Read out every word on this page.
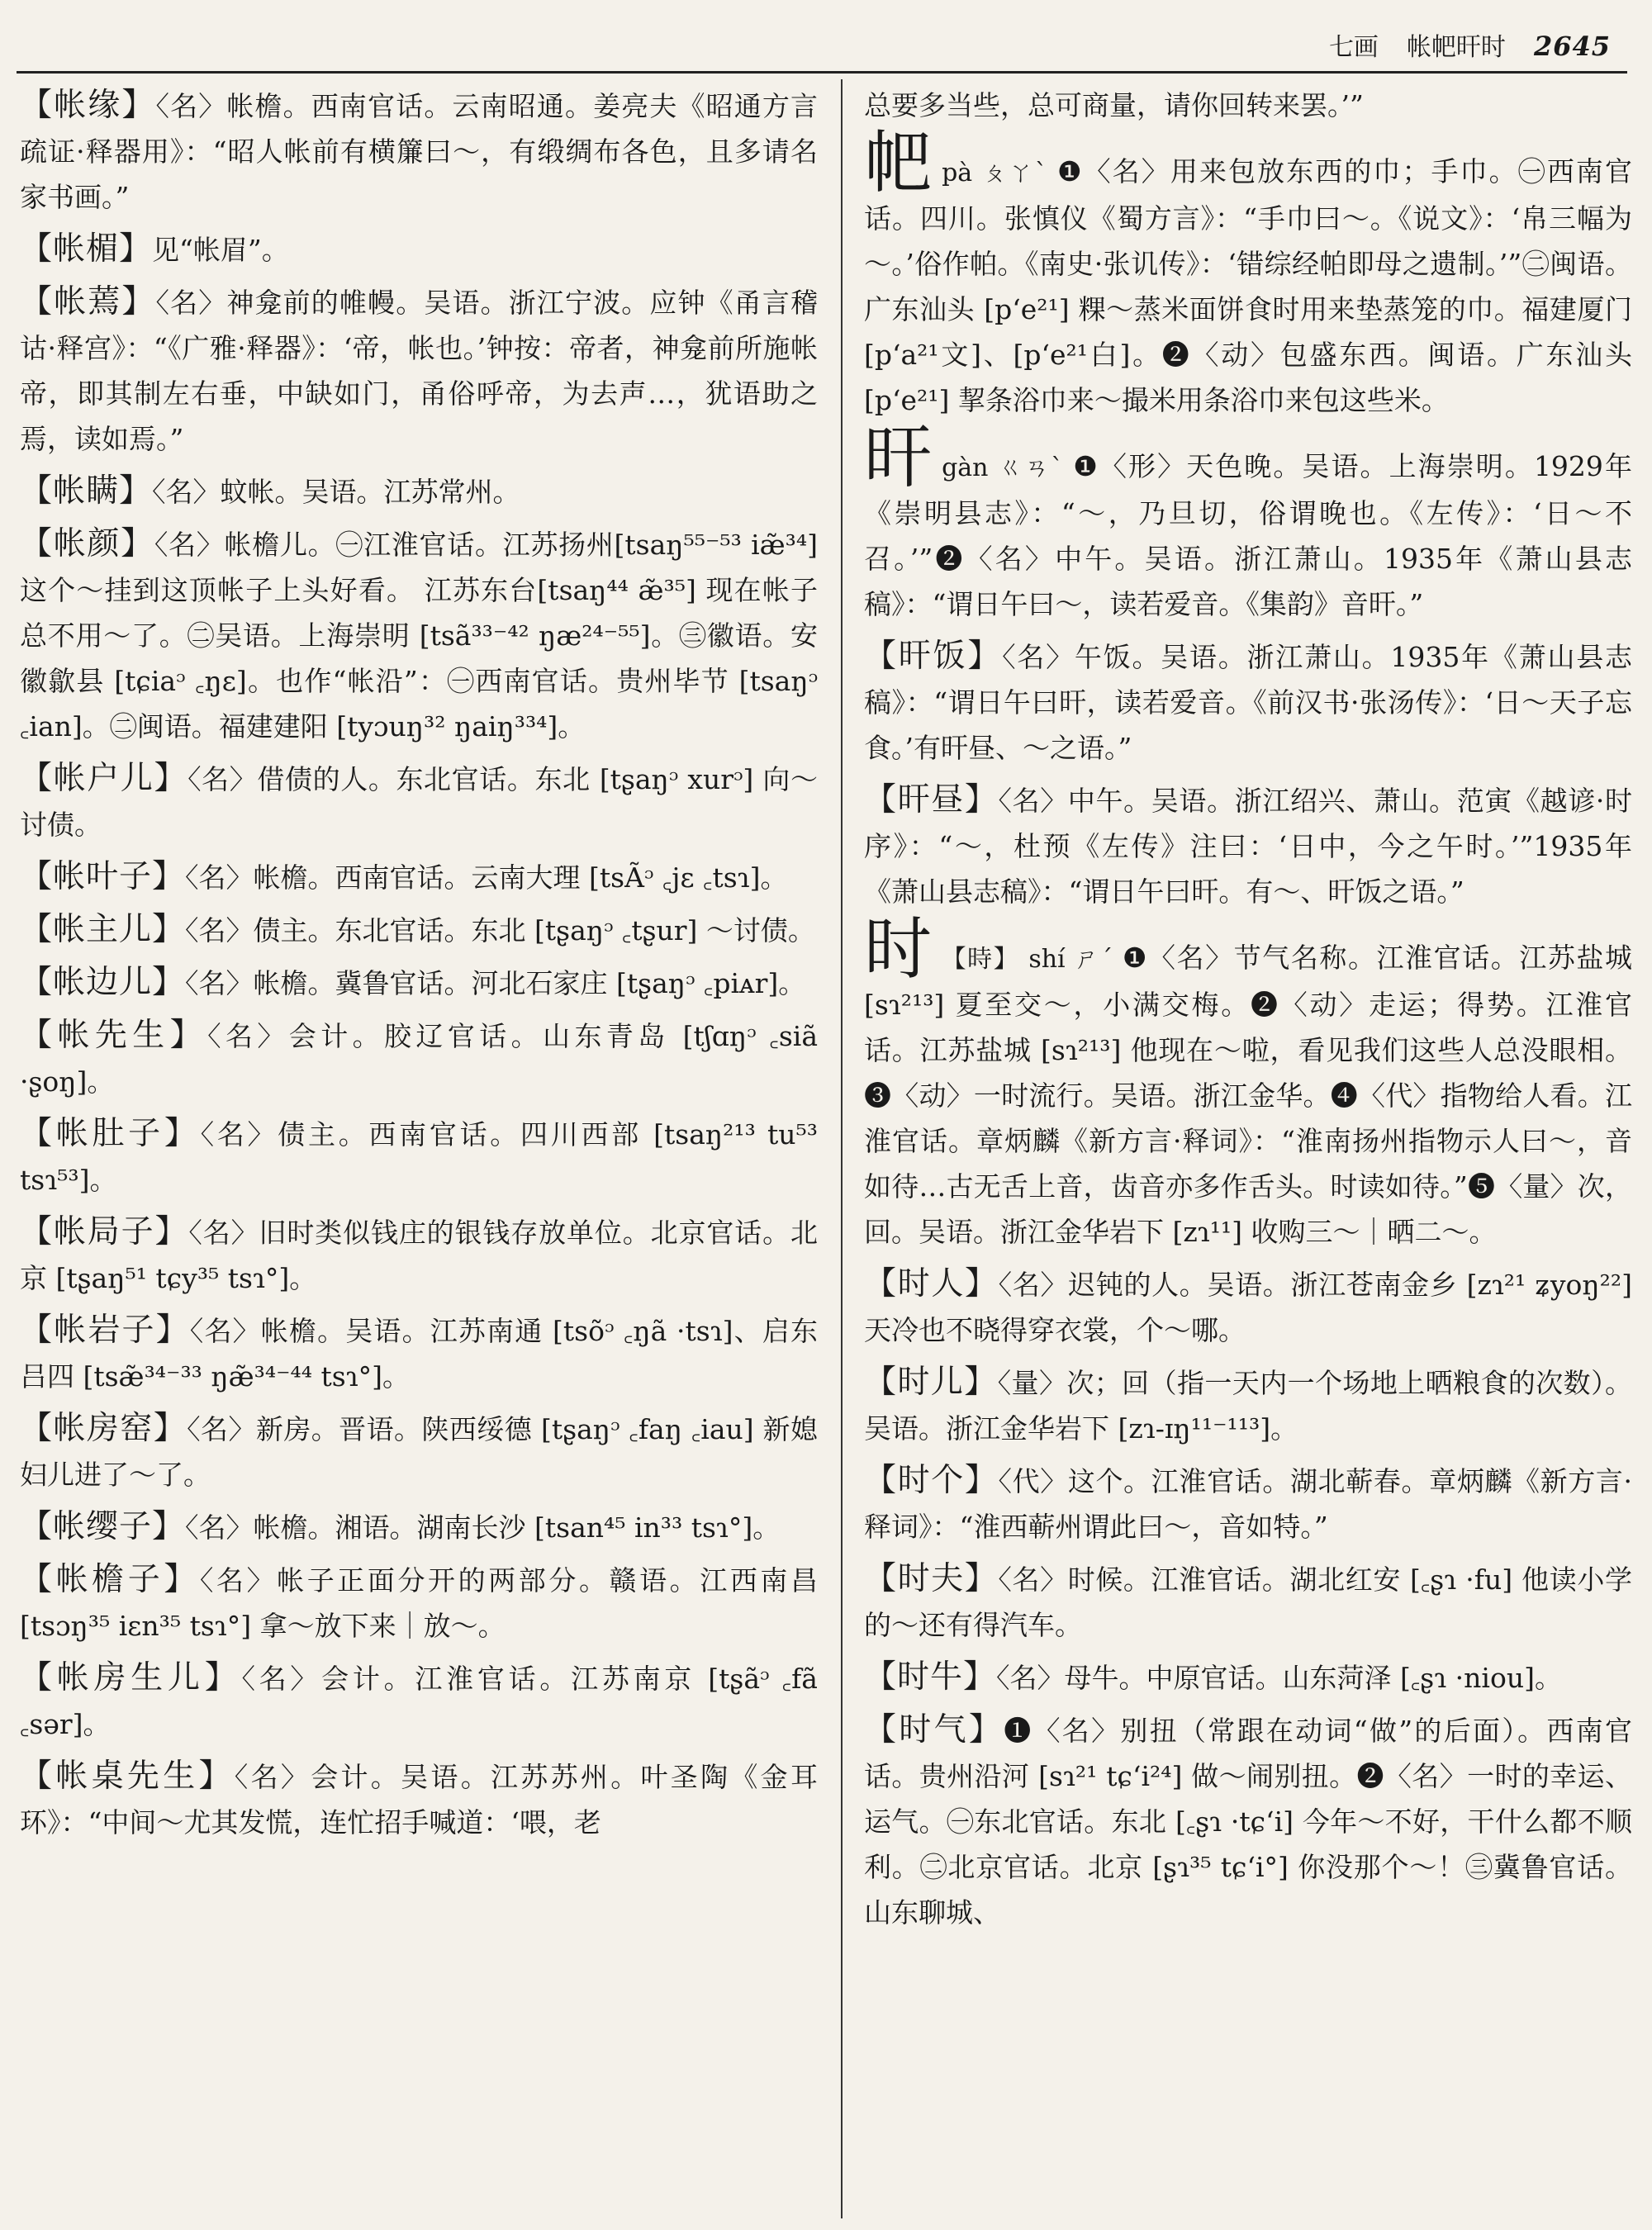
七画 帐帊旰时 2645
【帐缘】〈名〉帐檐。西南官话。云南昭通。姜亮夫《昭通方言疏证·释器用》：“昭人帐前有横簾曰～，有缎绸布各色，且多请名家书画。”
【帐楣】见“帐眉”。
【帐蔫】〈名〉神龛前的帷幔。吴语。浙江宁波。应钟《甬言稽诂·释宫》：“《广雅·释器》：‘帝，帐也。’钟按：帝者，神龛前所施帐帝，即其制左右垂，中缺如门，甬俗呼帝，为去声…，犹语助之焉，读如焉。”
【帐瞒】〈名〉蚊帐。吴语。江苏常州。
【帐颜】〈名〉帐檐儿。㊀江淮官话。江苏扬州[tsaŋ⁵⁵⁻⁵³ iæ̃³⁴] 这个～挂到这顶帐子上头好看。 江苏东台[tsaŋ⁴⁴ æ̃³⁵] 现在帐子总不用～了。㊁吴语。上海崇明 [tsã³³⁻⁴² ŋæ²⁴⁻⁵⁵]。㊂徽语。安徽歙县 [tɕiaᵓ ꜀ŋɛ]。也作“帐沿”：㊀西南官话。贵州毕节 [tsaŋᵓ ꜀ian]。㊁闽语。福建建阳 [tyɔuŋ³² ŋaiŋ³³⁴]。
【帐户儿】〈名〉借债的人。东北官话。东北 [tʂaŋᵓ xurᵓ] 向～讨债。
【帐叶子】〈名〉帐檐。西南官话。云南大理 [tsÃᵓ ꜀jɛ ꜀tsɿ]。
【帐主儿】〈名〉债主。东北官话。东北 [tʂaŋᵓ ꜀tʂur] ～讨债。
【帐边儿】〈名〉帐檐。冀鲁官话。河北石家庄 [tʂaŋᵓ ꜀piᴀr]。
【帐先生】〈名〉会计。胶辽官话。山东青岛 [tʃɑŋᵓ ꜀siã ·ʂoŋ]。
【帐肚子】〈名〉债主。西南官话。四川西部 [tsaŋ²¹³ tu⁵³ tsɿ⁵³]。
【帐局子】〈名〉旧时类似钱庄的银钱存放单位。北京官话。北京 [tʂaŋ⁵¹ tɕy³⁵ tsɿ°]。
【帐岩子】〈名〉帐檐。吴语。江苏南通 [tsõᵓ ꜀ŋã ·tsɿ]、启东吕四 [tsæ̃³⁴⁻³³ ŋæ̃³⁴⁻⁴⁴ tsɿ°]。
【帐房窑】〈名〉新房。晋语。陕西绥德 [tʂaŋᵓ ꜀faŋ ꜀iau] 新媳妇儿进了～了。
【帐缨子】〈名〉帐檐。湘语。湖南长沙 [tsan⁴⁵ in³³ tsɿ°]。
【帐檐子】〈名〉帐子正面分开的两部分。赣语。江西南昌 [tsɔŋ³⁵ iɛn³⁵ tsɿ°] 拿～放下来｜放～。
【帐房生儿】〈名〉会计。江淮官话。江苏南京 [tʂãᵓ ꜀fã ꜀sər]。
【帐桌先生】〈名〉会计。吴语。江苏苏州。叶圣陶《金耳环》：“中间～尤其发慌，连忙招手喊道：‘喂，老
总要多当些，总可商量，请你回转来罢。’”
帊pà ㄆㄚˋ ❶〈名〉用来包放东西的巾；手巾。㊀西南官话。四川。张慎仪《蜀方言》：“手巾曰～。《说文》：‘帛三幅为～。’俗作帕。《南史·张讥传》：‘错综经帕即母之遗制。’”㊁闽语。广东汕头 [p‘e²¹] 粿～蒸米面饼食时用来垫蒸笼的巾。福建厦门[p‘a²¹文]、[p‘e²¹白]。❷〈动〉包盛东西。闽语。广东汕头 [p‘e²¹] 挈条浴巾来～撮米用条浴巾来包这些米。
旰gàn ㄍㄢˋ ❶〈形〉天色晚。吴语。上海崇明。1929年《崇明县志》：“～，乃旦切，俗谓晚也。《左传》：‘日～不召。’”❷〈名〉中午。吴语。浙江萧山。1935年《萧山县志稿》：“谓日午曰～，读若爱音。《集韵》音旰。”
【旰饭】〈名〉午饭。吴语。浙江萧山。1935年《萧山县志稿》：“谓日午曰旰，读若爱音。《前汉书·张汤传》：‘日～天子忘食。’有旰昼、～之语。”
【旰昼】〈名〉中午。吴语。浙江绍兴、萧山。范寅《越谚·时序》：“～，杜预《左传》注曰：‘日中，今之午时。’”1935年《萧山县志稿》：“谓日午曰旰。有～、旰饭之语。”
时 【時】 shí ㄕˊ ❶〈名〉节气名称。江淮官话。江苏盐城 [sɿ²¹³] 夏至交～，小满交梅。❷〈动〉走运；得势。江淮官话。江苏盐城 [sɿ²¹³] 他现在～啦，看见我们这些人总没眼相。❸〈动〉一时流行。吴语。浙江金华。❹〈代〉指物给人看。江淮官话。章炳麟《新方言·释词》：“淮南扬州指物示人曰～，音如待…古无舌上音，齿音亦多作舌头。时读如待。”❺〈量〉次，回。吴语。浙江金华岩下 [zɿ¹¹] 收购三～｜晒二～。
【时人】〈名〉迟钝的人。吴语。浙江苍南金乡 [zɿ²¹ ʑyoŋ²²] 天冷也不晓得穿衣裳，个～哪。
【时儿】〈量〉次；回（指一天内一个场地上晒粮食的次数）。吴语。浙江金华岩下 [zɿ-ɪŋ¹¹⁻¹¹³]。
【时个】〈代〉这个。江淮官话。湖北蕲春。章炳麟《新方言·释词》：“淮西蕲州谓此曰～，音如特。”
【时夫】〈名〉时候。江淮官话。湖北红安 [꜀ʂɿ ·fu] 他读小学的～还有得汽车。
【时牛】〈名〉母牛。中原官话。山东菏泽 [꜀ʂɿ ·niou]。
【时气】❶〈名〉别扭（常跟在动词“做”的后面）。西南官话。贵州沿河 [sɿ²¹ tɕ‘i²⁴] 做～闹别扭。❷〈名〉一时的幸运、运气。㊀东北官话。东北 [꜀ʂɿ ·tɕ‘i] 今年～不好，干什么都不顺利。㊁北京官话。北京 [ʂɿ³⁵ tɕ‘i°] 你没那个～！㊂冀鲁官话。山东聊城、
